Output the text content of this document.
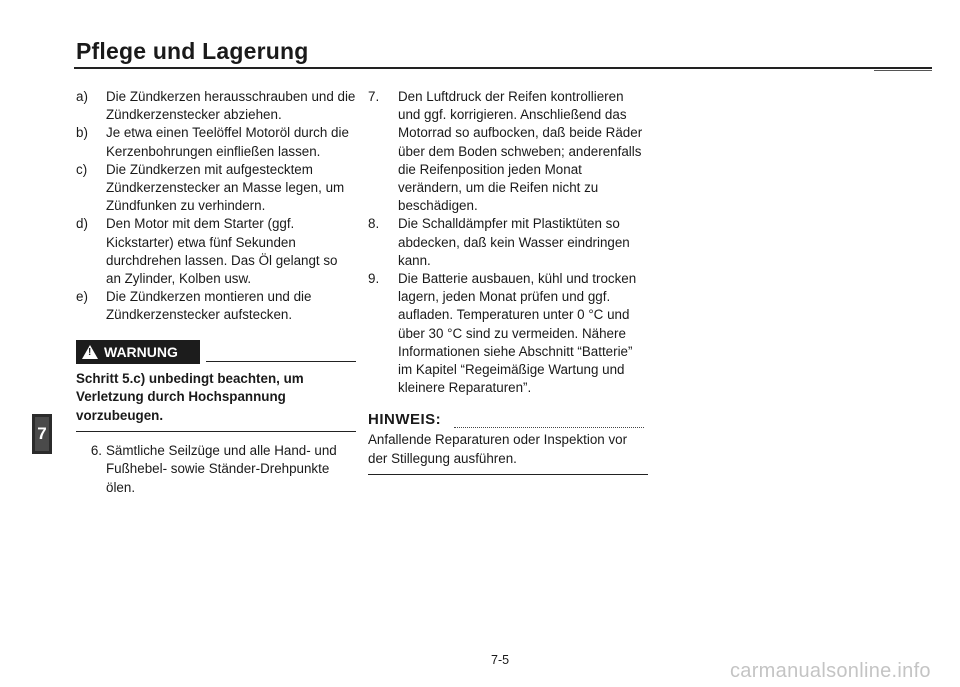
Pflege und Lagerung
a)	Die Zündkerzen herausschrauben und die Zündkerzenstecker abziehen.
b)	Je etwa einen Teelöffel Motoröl durch die Kerzenbohrungen einfließen lassen.
c)	Die Zündkerzen mit aufgestecktem Zündkerzenstecker an Masse legen, um Zündfunken zu verhindern.
d)	Den Motor mit dem Starter (ggf. Kickstarter) etwa fünf Sekunden durchdrehen lassen. Das Öl gelangt so an Zylinder, Kolben usw.
e)	Die Zündkerzen montieren und die Zündkerzenstecker aufstecken.
! WARNUNG
Schritt 5.c) unbedingt beachten, um Verletzung durch Hochspannung vorzubeugen.
6. Sämtliche Seilzüge und alle Hand- und Fußhebel- sowie Ständer-Drehpunkte ölen.
7.	Den Luftdruck der Reifen kontrollieren und ggf. korrigieren. Anschließend das Motorrad so aufbocken, daß beide Räder über dem Boden schweben; anderenfalls die Reifenposition jeden Monat verändern, um die Reifen nicht zu beschädigen.
8.	Die Schalldämpfer mit Plastiktüten so abdecken, daß kein Wasser eindringen kann.
9.	Die Batterie ausbauen, kühl und trocken lagern, jeden Monat prüfen und ggf. aufladen. Temperaturen unter 0 °C und über 30 °C sind zu vermeiden. Nähere Informationen siehe Abschnitt “Batterie” im Kapitel “Regeimäßige Wartung und kleinere Reparaturen”.
HINWEIS:
Anfallende Reparaturen oder Inspektion vor der Stillegung ausführen.
7
7-5	carmanualsonline.info
